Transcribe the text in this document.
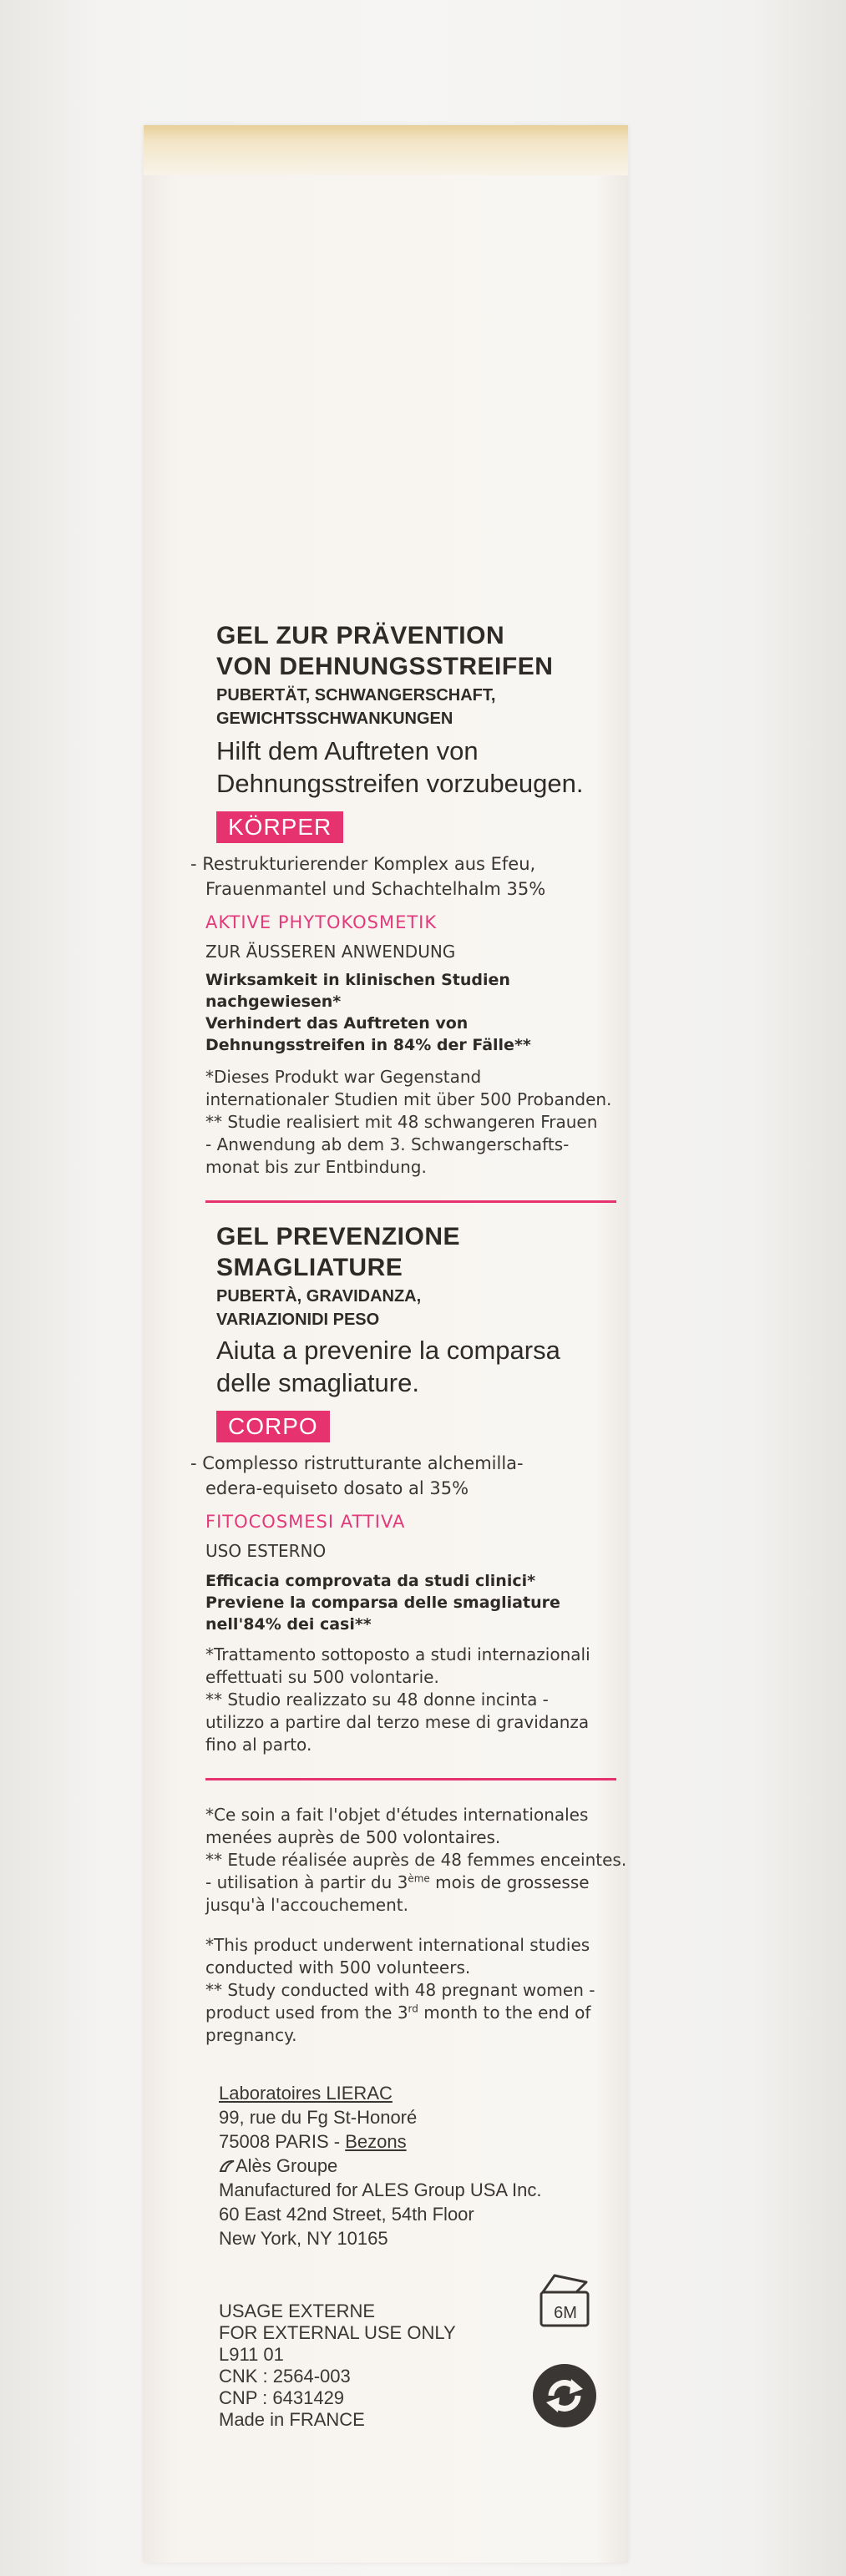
GEL ZUR PRÄVENTION
VON DEHNUNGSSTREIFEN
PUBERTÄT, SCHWANGERSCHAFT,
GEWICHTSSCHWANKUNGEN
Hilft dem Auftreten von
Dehnungsstreifen vorzubeugen.
KÖRPER
- Restrukturierender Komplex aus Efeu,
Frauenmantel und Schachtelhalm 35%
AKTIVE PHYTOKOSMETIK
ZUR ÄUSSEREN ANWENDUNG
Wirksamkeit in klinischen Studien
nachgewiesen*
Verhindert das Auftreten von
Dehnungsstreifen in 84% der Fälle**
*Dieses Produkt war Gegenstand
internationaler Studien mit über 500 Probanden.
** Studie realisiert mit 48 schwangeren Frauen
- Anwendung ab dem 3. Schwangerschafts-
monat bis zur Entbindung.
GEL PREVENZIONE
SMAGLIATURE
PUBERTÀ, GRAVIDANZA,
VARIAZIONIDI PESO
Aiuta a prevenire la comparsa
delle smagliature.
CORPO
- Complesso ristrutturante alchemilla-
edera-equiseto dosato al 35%
FITOCOSMESI ATTIVA
USO ESTERNO
Efficacia comprovata da studi clinici*
Previene la comparsa delle smagliature
nell'84% dei casi**
*Trattamento sottoposto a studi internazionali
effettuati su 500 volontarie.
** Studio realizzato su 48 donne incinta -
utilizzo a partire dal terzo mese di gravidanza
fino al parto.
*Ce soin a fait l'objet d'études internationales
menées auprès de 500 volontaires.
** Etude réalisée auprès de 48 femmes enceintes.
- utilisation à partir du 3ème mois de grossesse
jusqu'à l'accouchement.
*This product underwent international studies
conducted with 500 volunteers.
** Study conducted with 48 pregnant women -
product used from the 3rd month to the end of
pregnancy.
Laboratoires LIERAC
99, rue du Fg St-Honoré
75008 PARIS - Bezons
Alès Groupe
Manufactured for ALES Group USA Inc.
60 East 42nd Street, 54th Floor
New York, NY 10165
USAGE EXTERNE
FOR EXTERNAL USE ONLY
L911 01
CNK : 2564-003
CNP : 6431429
Made in FRANCE
6M
